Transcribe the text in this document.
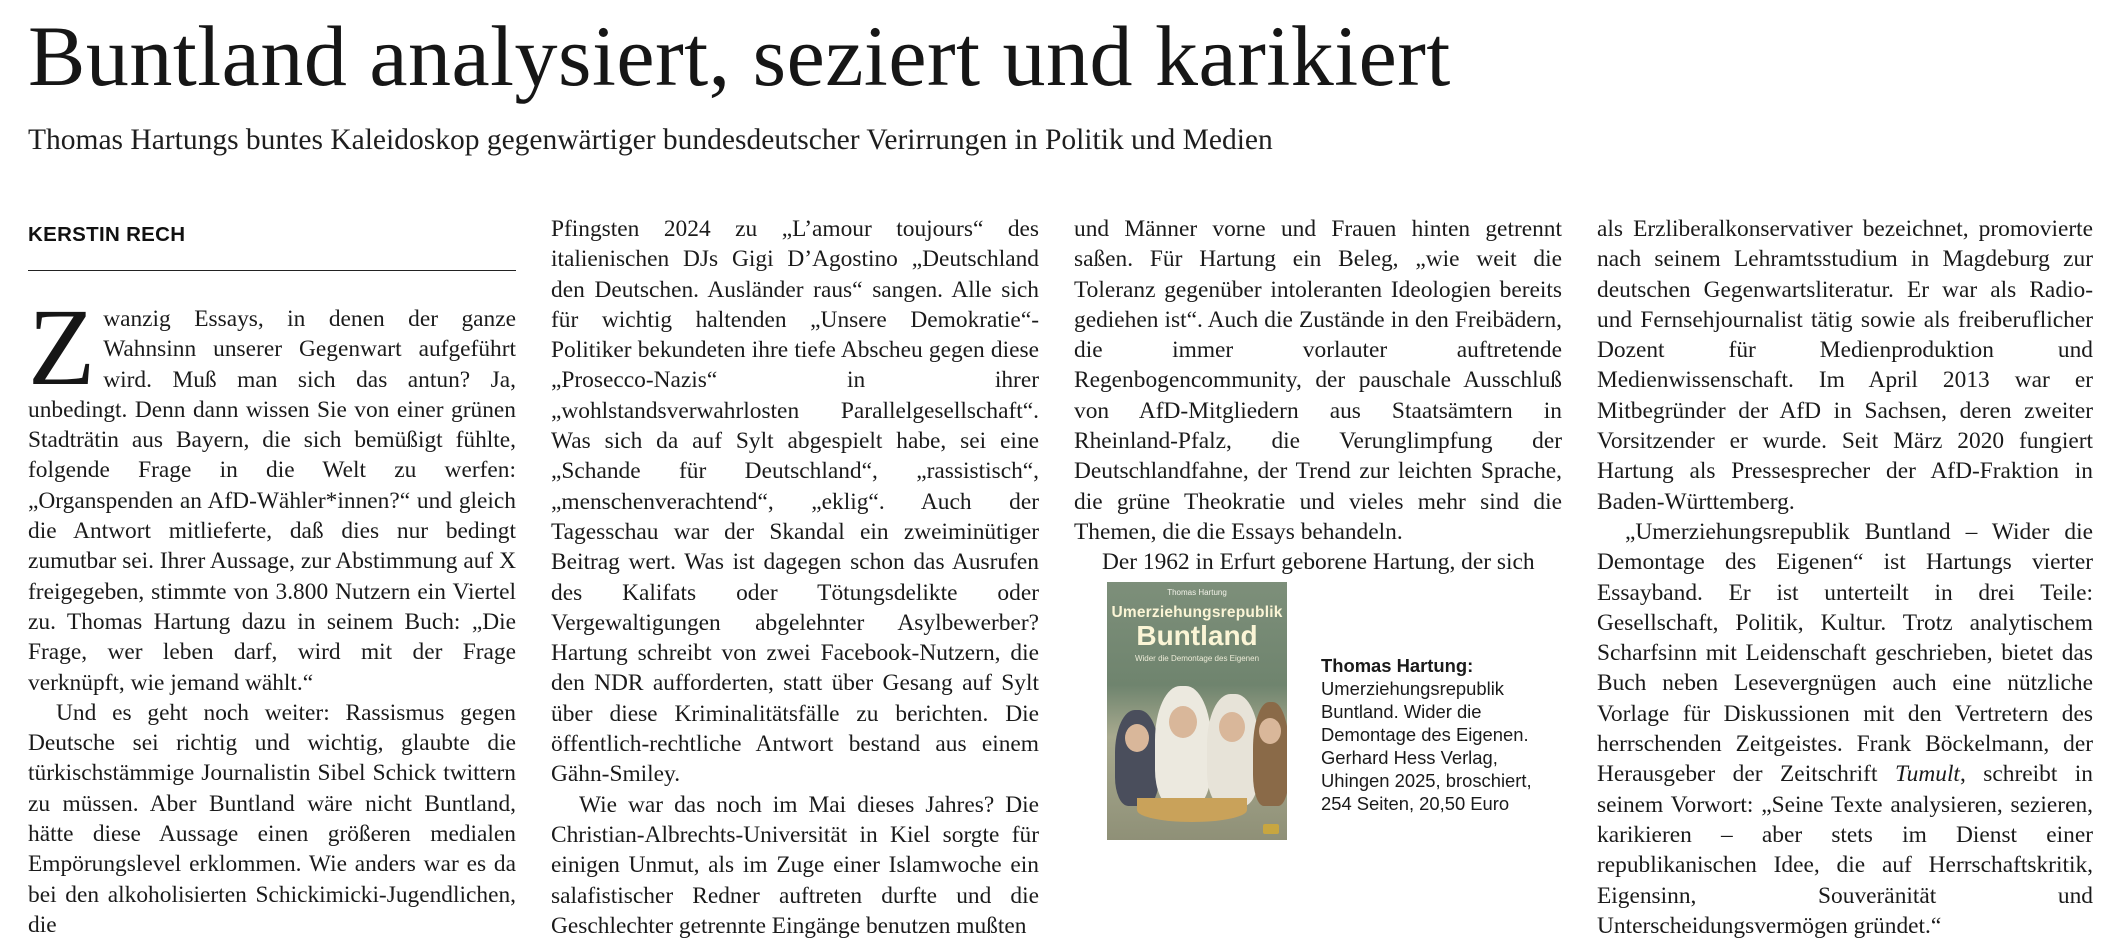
Buntland analysiert, seziert und karikiert
Thomas Hartungs buntes Kaleidoskop gegenwärtiger bundesdeutscher Verirrungen in Politik und Medien
KERSTIN RECH

Zwanzig Essays, in denen der ganze Wahnsinn unserer Gegenwart aufgeführt wird. Muß man sich das antun? Ja, unbedingt. Denn dann wissen Sie von einer grünen Stadträtin aus Bayern, die sich bemüßigt fühlte, folgende Frage in die Welt zu werfen: „Organspenden an AfD-Wähler*innen?“ und gleich die Antwort mitlieferte, daß dies nur bedingt zumutbar sei. Ihrer Aussage, zur Abstimmung auf X freigegeben, stimmte von 3.800 Nutzern ein Viertel zu. Thomas Hartung dazu in seinem Buch: „Die Frage, wer leben darf, wird mit der Frage verknüpft, wie jemand wählt.“

Und es geht noch weiter: Rassismus gegen Deutsche sei richtig und wichtig, glaubte die türkischstämmige Journalistin Sibel Schick twittern zu müssen. Aber Buntland wäre nicht Buntland, hätte diese Aussage einen größeren medialen Empörungslevel erklommen. Wie anders war es da bei den alkoholisierten Schickimicki-Jugendlichen, die

Pfingsten 2024 zu „L’amour toujours“ des italienischen DJs Gigi D’Agostino „Deutschland den Deutschen. Ausländer raus“ sangen. Alle sich für wichtig haltenden „Unsere Demokratie“-Politiker bekundeten ihre tiefe Abscheu gegen diese „Prosecco-Nazis“ in ihrer „wohlstandsverwahrlosten Parallelgesellschaft“. Was sich da auf Sylt abgespielt habe, sei eine „Schande für Deutschland“, „rassistisch“, „menschenverachtend“, „eklig“. Auch der Tagesschau war der Skandal ein zweiminütiger Beitrag wert. Was ist dagegen schon das Ausrufen des Kalifats oder Tötungsdelikte oder Vergewaltigungen abgelehnter Asylbewerber? Hartung schreibt von zwei Facebook-Nutzern, die den NDR aufforderten, statt über Gesang auf Sylt über diese Kriminalitätsfälle zu berichten. Die öffentlich-rechtliche Antwort bestand aus einem Gähn-Smiley.

Wie war das noch im Mai dieses Jahres? Die Christian-Albrechts-Universität in Kiel sorgte für einigen Unmut, als im Zuge einer Islamwoche ein salafistischer Redner auftreten durfte und die Geschlechter getrennte Eingänge benutzen mußten

und Männer vorne und Frauen hinten getrennt saßen. Für Hartung ein Beleg, „wie weit die Toleranz gegenüber intoleranten Ideologien bereits gediehen ist“. Auch die Zustände in den Freibädern, die immer vorlauter auftretende Regenbogencommunity, der pauschale Ausschluß von AfD-Mitgliedern aus Staatsämtern in Rheinland-Pfalz, die Verunglimpfung der Deutschlandfahne, der Trend zur leichten Sprache, die grüne Theokratie und vieles mehr sind die Themen, die die Essays behandeln.

Der 1962 in Erfurt geborene Hartung, der sich

als Erzliberalkonservativer bezeichnet, promovierte nach seinem Lehramtsstudium in Magdeburg zur deutschen Gegenwartsliteratur. Er war als Radio- und Fernsehjournalist tätig sowie als freiberuflicher Dozent für Medienproduktion und Medienwissenschaft. Im April 2013 war er Mitbegründer der AfD in Sachsen, deren zweiter Vorsitzender er wurde. Seit März 2020 fungiert Hartung als Pressesprecher der AfD-Fraktion in Baden-Württemberg.

„Umerziehungsrepublik Buntland – Wider die Demontage des Eigenen“ ist Hartungs vierter Essayband. Er ist unterteilt in drei Teile: Gesellschaft, Politik, Kultur. Trotz analytischem Scharfsinn mit Leidenschaft geschrieben, bietet das Buch neben Lesevergnügen auch eine nützliche Vorlage für Diskussionen mit den Vertretern des herrschenden Zeitgeistes. Frank Böckelmann, der Herausgeber der Zeitschrift Tumult, schreibt in seinem Vorwort: „Seine Texte analysieren, sezieren, karikieren – aber stets im Dienst einer republikanischen Idee, die auf Herrschaftskritik, Eigensinn, Souveränität und Unterscheidungsvermögen gründet.“

Thomas Hartung
Umerziehungsrepublik
Buntland
Wider die Demontage des Eigenen	Thomas Hartung:
Umerziehungsrepublik Buntland. Wider die Demontage des Eigenen. Gerhard Hess Verlag, Uhingen 2025, broschiert, 254 Seiten, 20,50 Euro
